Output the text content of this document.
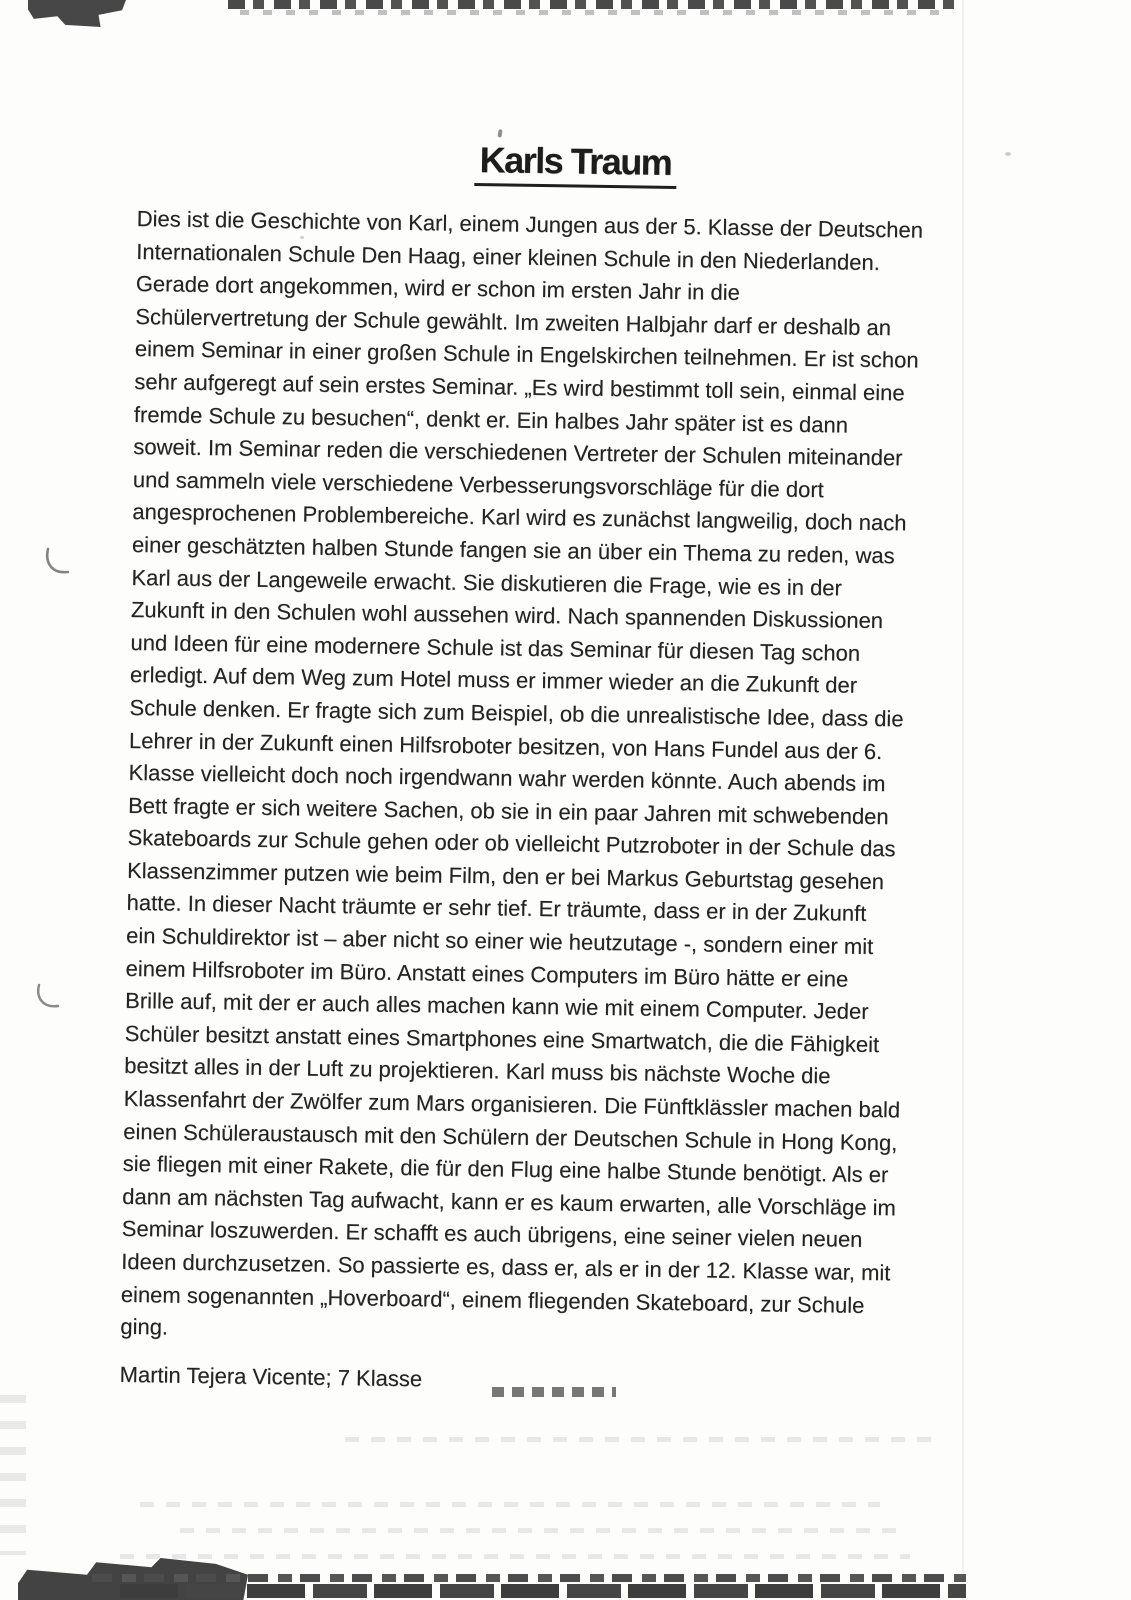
Karls Traum
Dies ist die Geschichte von Karl, einem Jungen aus der 5. Klasse der Deutschen
Internationalen Schule Den Haag, einer kleinen Schule in den Niederlanden.
Gerade dort angekommen, wird er schon im ersten Jahr in die
Schülervertretung der Schule gewählt. Im zweiten Halbjahr darf er deshalb an
einem Seminar in einer großen Schule in Engelskirchen teilnehmen. Er ist schon
sehr aufgeregt auf sein erstes Seminar. „Es wird bestimmt toll sein, einmal eine
fremde Schule zu besuchen“, denkt er. Ein halbes Jahr später ist es dann
soweit. Im Seminar reden die verschiedenen Vertreter der Schulen miteinander
und sammeln viele verschiedene Verbesserungsvorschläge für die dort
angesprochenen Problembereiche. Karl wird es zunächst langweilig, doch nach
einer geschätzten halben Stunde fangen sie an über ein Thema zu reden, was
Karl aus der Langeweile erwacht. Sie diskutieren die Frage, wie es in der
Zukunft in den Schulen wohl aussehen wird. Nach spannenden Diskussionen
und Ideen für eine modernere Schule ist das Seminar für diesen Tag schon
erledigt. Auf dem Weg zum Hotel muss er immer wieder an die Zukunft der
Schule denken. Er fragte sich zum Beispiel, ob die unrealistische Idee, dass die
Lehrer in der Zukunft einen Hilfsroboter besitzen, von Hans Fundel aus der 6.
Klasse vielleicht doch noch irgendwann wahr werden könnte. Auch abends im
Bett fragte er sich weitere Sachen, ob sie in ein paar Jahren mit schwebenden
Skateboards zur Schule gehen oder ob vielleicht Putzroboter in der Schule das
Klassenzimmer putzen wie beim Film, den er bei Markus Geburtstag gesehen
hatte. In dieser Nacht träumte er sehr tief. Er träumte, dass er in der Zukunft
ein Schuldirektor ist – aber nicht so einer wie heutzutage -, sondern einer mit
einem Hilfsroboter im Büro. Anstatt eines Computers im Büro hätte er eine
Brille auf, mit der er auch alles machen kann wie mit einem Computer. Jeder
Schüler besitzt anstatt eines Smartphones eine Smartwatch, die die Fähigkeit
besitzt alles in der Luft zu projektieren. Karl muss bis nächste Woche die
Klassenfahrt der Zwölfer zum Mars organisieren. Die Fünftklässler machen bald
einen Schüleraustausch mit den Schülern der Deutschen Schule in Hong Kong,
sie fliegen mit einer Rakete, die für den Flug eine halbe Stunde benötigt. Als er
dann am nächsten Tag aufwacht, kann er es kaum erwarten, alle Vorschläge im
Seminar loszuwerden. Er schafft es auch übrigens, eine seiner vielen neuen
Ideen durchzusetzen. So passierte es, dass er, als er in der 12. Klasse war, mit
einem sogenannten „Hoverboard“, einem fliegenden Skateboard, zur Schule
ging.
Martin Tejera Vicente; 7 Klasse
